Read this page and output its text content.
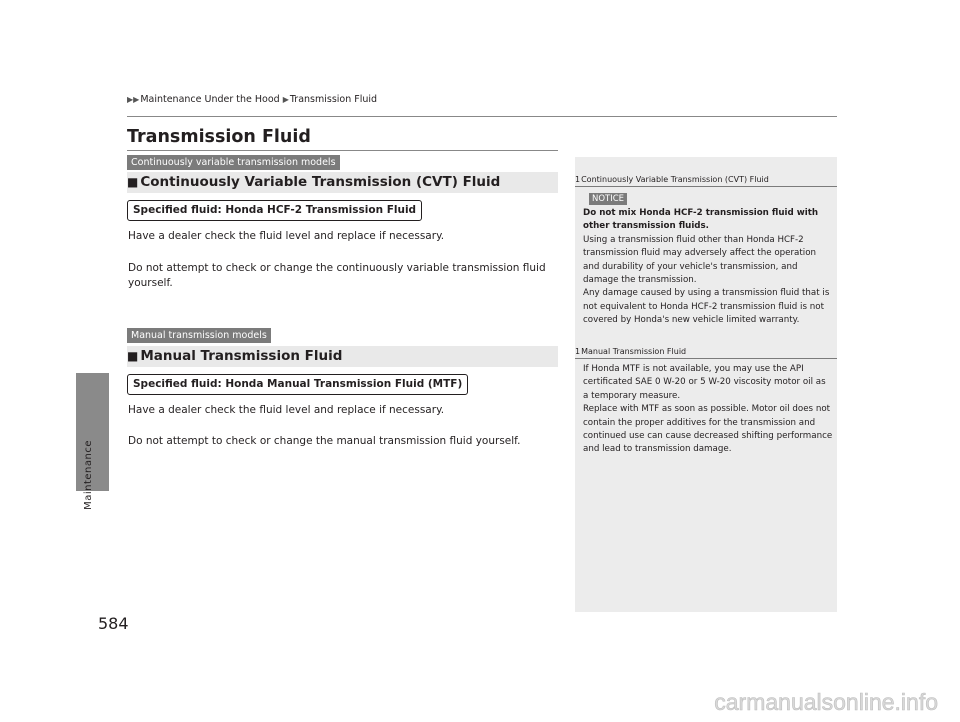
▶▶Maintenance Under the Hood ▶Transmission Fluid
Maintenance
584
Transmission Fluid
Continuously variable transmission models
■ Continuously Variable Transmission (CVT) Fluid
Specified fluid: Honda HCF-2 Transmission Fluid
Have a dealer check the fluid level and replace if necessary.
Do not attempt to check or change the continuously variable transmission fluid yourself.
Manual transmission models
■ Manual Transmission Fluid
Specified fluid: Honda Manual Transmission Fluid (MTF)
Have a dealer check the fluid level and replace if necessary.
Do not attempt to check or change the manual transmission fluid yourself.
1Continuously Variable Transmission (CVT) Fluid
NOTICE
Do not mix Honda HCF-2 transmission fluid with other transmission fluids.
Using a transmission fluid other than Honda HCF-2 transmission fluid may adversely affect the operation and durability of your vehicle's transmission, and damage the transmission.
Any damage caused by using a transmission fluid that is not equivalent to Honda HCF-2 transmission fluid is not covered by Honda's new vehicle limited warranty.
1Manual Transmission Fluid
If Honda MTF is not available, you may use the API certificated SAE 0 W-20 or 5 W-20 viscosity motor oil as a temporary measure.
Replace with MTF as soon as possible. Motor oil does not contain the proper additives for the transmission and continued use can cause decreased shifting performance and lead to transmission damage.
carmanualsonline.info
